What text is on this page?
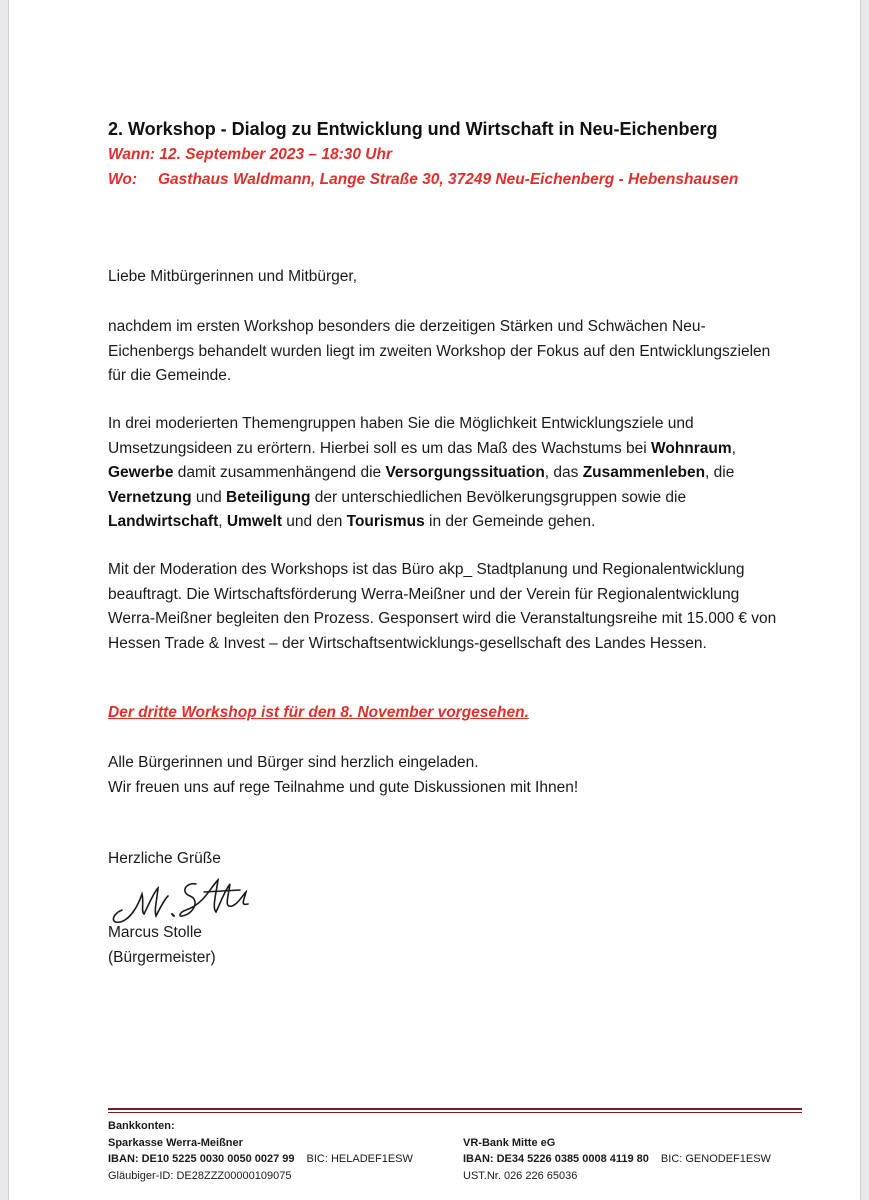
2. Workshop - Dialog zu Entwicklung und Wirtschaft in Neu-Eichenberg
Wann: 12. September 2023 – 18:30 Uhr
Wo: Gasthaus Waldmann, Lange Straße 30, 37249 Neu-Eichenberg - Hebenshausen
Liebe Mitbürgerinnen und Mitbürger,
nachdem im ersten Workshop besonders die derzeitigen Stärken und Schwächen Neu-Eichenbergs behandelt wurden liegt im zweiten Workshop der Fokus auf den Entwicklungszielen für die Gemeinde.
In drei moderierten Themengruppen haben Sie die Möglichkeit Entwicklungsziele und Umsetzungsideen zu erörtern. Hierbei soll es um das Maß des Wachstums bei Wohnraum, Gewerbe damit zusammenhängend die Versorgungssituation, das Zusammenleben, die Vernetzung und Beteiligung der unterschiedlichen Bevölkerungsgruppen sowie die Landwirtschaft, Umwelt und den Tourismus in der Gemeinde gehen.
Mit der Moderation des Workshops ist das Büro akp_ Stadtplanung und Regionalentwicklung beauftragt. Die Wirtschaftsförderung Werra-Meißner und der Verein für Regionalentwicklung Werra-Meißner begleiten den Prozess. Gesponsert wird die Veranstaltungsreihe mit 15.000 € von Hessen Trade & Invest – der Wirtschaftsentwicklungs-gesellschaft des Landes Hessen.
Der dritte Workshop ist für den 8. November vorgesehen.
Alle Bürgerinnen und Bürger sind herzlich eingeladen.
Wir freuen uns auf rege Teilnahme und gute Diskussionen mit Ihnen!
Herzliche Grüße
Marcus Stolle
(Bürgermeister)
Bankkonten:
Sparkasse Werra-Meißner
IBAN: DE10 5225 0030 0050 0027 99 BIC: HELADEF1ESW
Gläubiger-ID: DE28ZZZ00000109075

VR-Bank Mitte eG
IBAN: DE34 5226 0385 0008 4119 80 BIC: GENODEF1ESW
UST.Nr. 026 226 65036
